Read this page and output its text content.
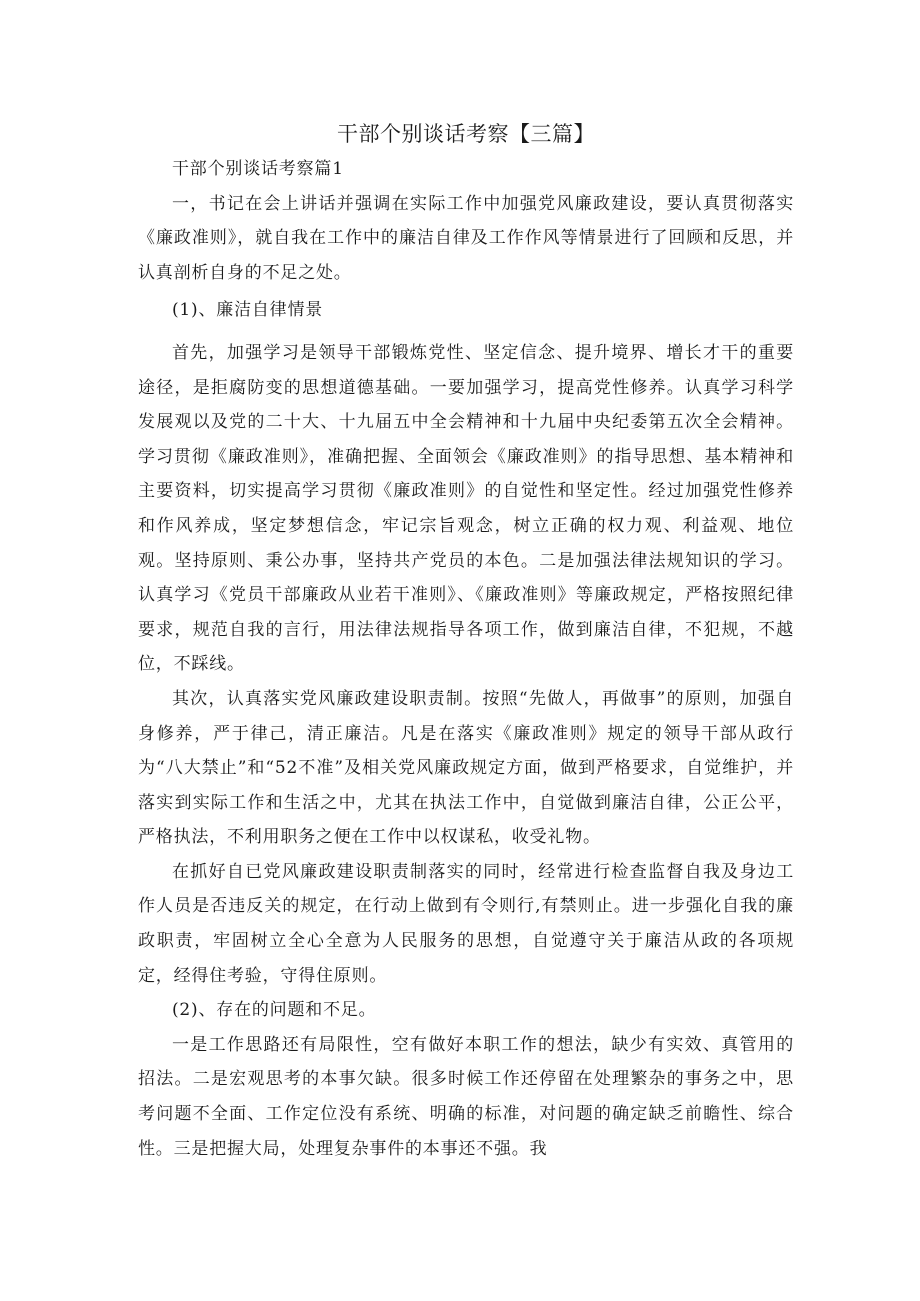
干部个别谈话考察【三篇】

干部个别谈话考察篇1

一，书记在会上讲话并强调在实际工作中加强党风廉政建设，要认真贯彻落实《廉政准则》，就自我在工作中的廉洁自律及工作作风等情景进行了回顾和反思，并认真剖析自身的不足之处。

(1)、廉洁自律情景

首先，加强学习是领导干部锻炼党性、坚定信念、提升境界、增长才干的重要途径，是拒腐防变的思想道德基础。一要加强学习，提高党性修养。认真学习科学发展观以及党的二十大、十九届五中全会精神和十九届中央纪委第五次全会精神。学习贯彻《廉政准则》，准确把握、全面领会《廉政准则》的指导思想、基本精神和主要资料，切实提高学习贯彻《廉政准则》的自觉性和坚定性。经过加强党性修养和作风养成，坚定梦想信念，牢记宗旨观念，树立正确的权力观、利益观、地位观。坚持原则、秉公办事，坚持共产党员的本色。二是加强法律法规知识的学习。认真学习《党员干部廉政从业若干准则》、《廉政准则》等廉政规定，严格按照纪律要求，规范自我的言行，用法律法规指导各项工作，做到廉洁自律，不犯规，不越位，不踩线。

其次，认真落实党风廉政建设职责制。按照“先做人，再做事”的原则，加强自身修养，严于律己，清正廉洁。凡是在落实《廉政准则》规定的领导干部从政行为“八大禁止”和“52不准”及相关党风廉政规定方面，做到严格要求，自觉维护，并落实到实际工作和生活之中，尤其在执法工作中，自觉做到廉洁自律，公正公平，严格执法，不利用职务之便在工作中以权谋私，收受礼物。

在抓好自已党风廉政建设职责制落实的同时，经常进行检查监督自我及身边工作人员是否违反关的规定，在行动上做到有令则行,有禁则止。进一步强化自我的廉政职责，牢固树立全心全意为人民服务的思想，自觉遵守关于廉洁从政的各项规定，经得住考验，守得住原则。

(2)、存在的问题和不足。

一是工作思路还有局限性，空有做好本职工作的想法，缺少有实效、真管用的招法。二是宏观思考的本事欠缺。很多时候工作还停留在处理繁杂的事务之中，思考问题不全面、工作定位没有系统、明确的标准，对问题的确定缺乏前瞻性、综合性。三是把握大局，处理复杂事件的本事还不强。我
